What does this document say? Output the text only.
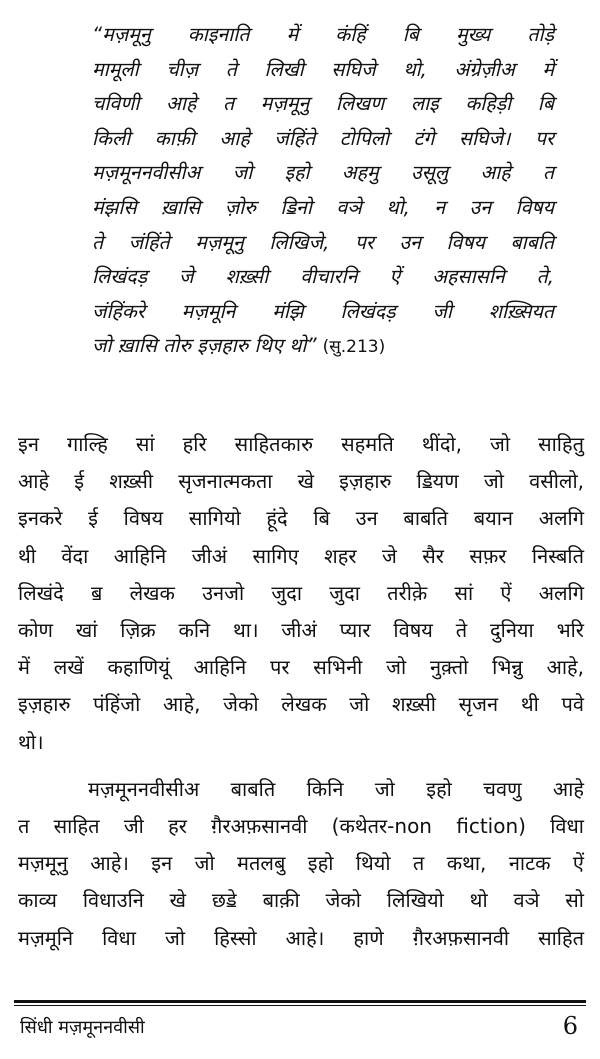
“मज़मूनु काइनाति में कंहिं बि मुख्य तोड़े
मामूली चीज़ ते लिखी सघिजे थो, अंग्रेज़ीअ में
चविणी आहे त मज़मूनु लिखण लाइ कहिड़ी बि
किली काफ़ी आहे जंहिंते टोपिलो टंगे सघिजे। पर
मज़मूननवीसीअ जो इहो अहमु उसूलु आहे त
मंझसि ख़ासि ज़ोरु ॾिनो वञे थो, न उन विषय
ते जंहिंते मज़मूनु लिखिजे, पर उन विषय बाबति
लिखंदड़ जे शख़्सी वीचारनि ऐं अहसासनि ते,
जंहिंकरे मज़मूनि मंझि लिखंदड़ जी शख़्सियत
जो ख़ासि तोरु इज़हारु थिए थो” (सु.213)
इन गाल्हि सां हरि साहितकारु सहमति थींदो, जो साहितु
आहे ई शख़्सी सृजनात्मकता खे इज़हारु ॾियण जो वसीलो,
इनकरे ई विषय सागियो हूंदे बि उन बाबति बयान अलगि
थी वेंदा आहिनि जीअं सागिए शहर जे सैर सफ़र निस्बति
लिखंदे ॿ लेखक उनजो जुदा जुदा तरीक़े सां ऐं अलगि
कोण खां ज़िक्र कनि था। जीअं प्यार विषय ते दुनिया भरि
में लखें कहाणियूं आहिनि पर सभिनी जो नुक़्तो भिन्नु आहे,
इज़हारु पंहिंजो आहे, जेको लेखक जो शख़्सी सृजन थी पवे
थो।
मज़मूननवीसीअ बाबति किनि जो इहो चवणु आहे
त साहित जी हर ग़ैरअफ़सानवी (कथेतर-non fiction) विधा
मज़मूनु आहे। इन जो मतलबु इहो थियो त कथा, नाटक ऐं
काव्य विधाउनि खे छॾे बाक़ी जेको लिखियो थो वञे सो
मज़मूनि विधा जो हिस्सो आहे। हाणे ग़ैरअफ़सानवी साहित
सिंधी मज़मूननवीसी	6
